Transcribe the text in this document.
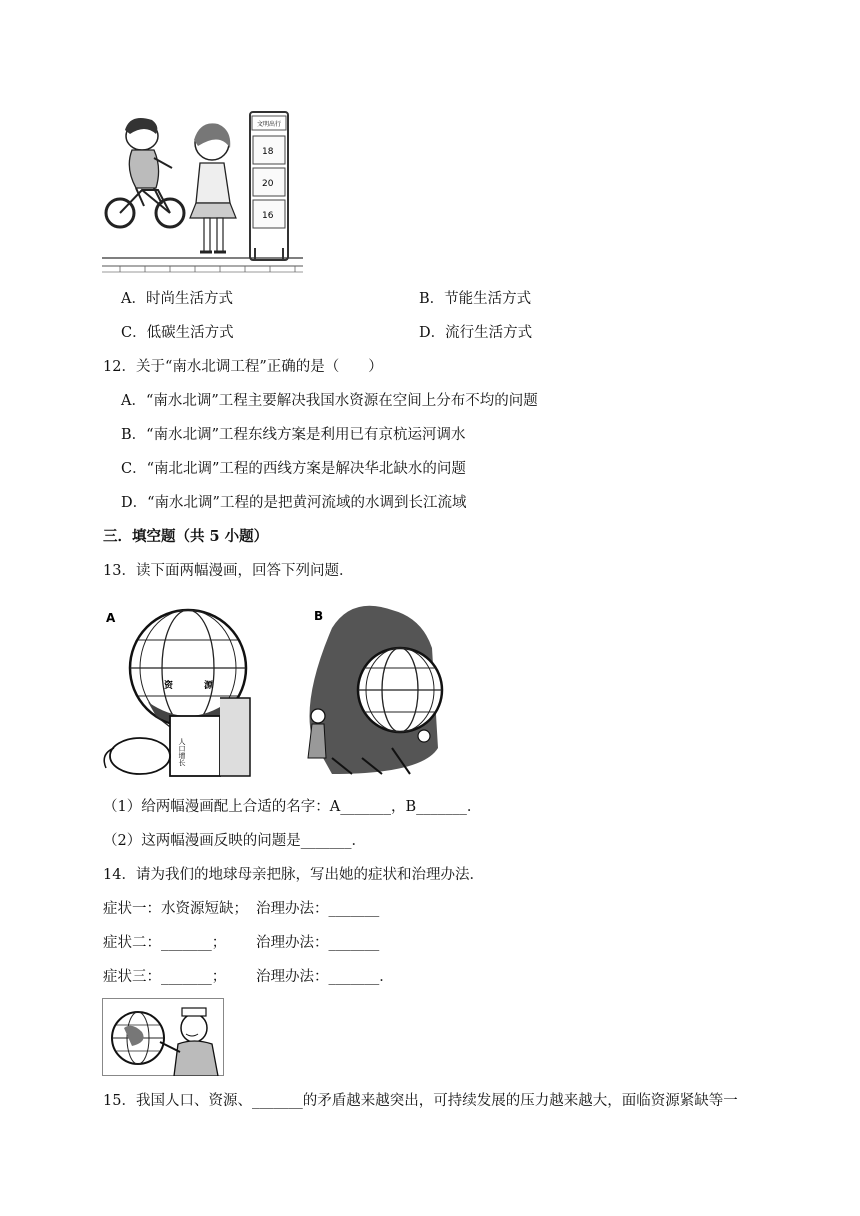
文明出行
18
20
16
A．时尚生活方式	B．节能生活方式
C．低碳生活方式	D．流行生活方式
12．关于“南水北调工程”正确的是（　　）
A．“南水北调”工程主要解决我国水资源在空间上分布不均的问题
B．“南水北调”工程东线方案是利用已有京杭运河调水
C．“南北北调”工程的西线方案是解决华北缺水的问题
D．“南水北调”工程的是把黄河流域的水调到长江流域
三．填空题（共 5 小题）
13．读下面两幅漫画，回答下列问题．
A
资	源
人口增长
B
（1）给两幅漫画配上合适的名字：A_______，B_______．
（2）这两幅漫画反映的问题是_______．
14．请为我们的地球母亲把脉，写出她的症状和治理办法．
症状一：水资源短缺； 治理办法：_______
症状二：_______； 治理办法：_______
症状三：_______； 治理办法：_______．
15．我国人口、资源、_______的矛盾越来越突出，可持续发展的压力越来越大，面临资源紧缺等一
